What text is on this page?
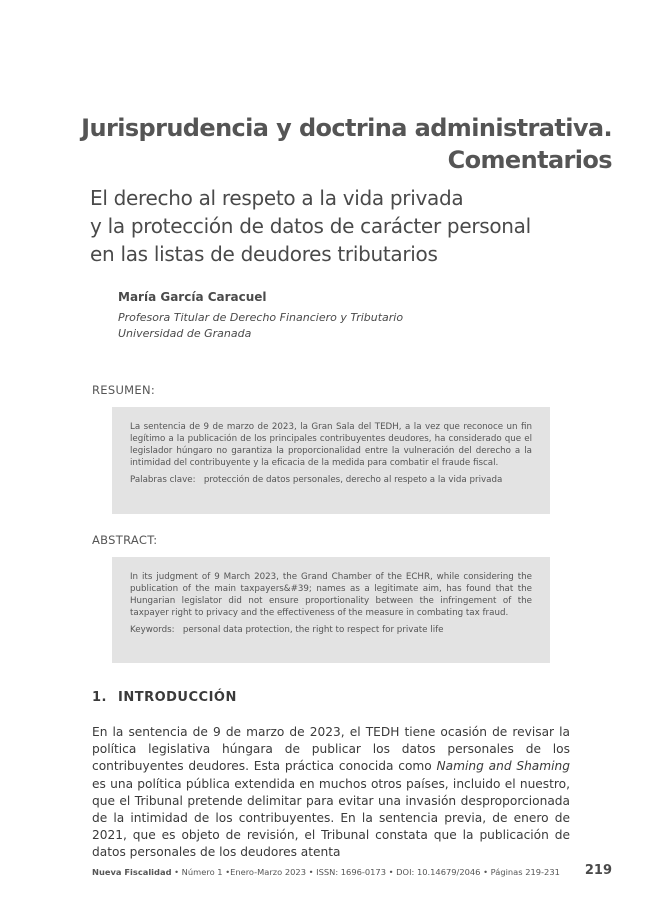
Jurisprudencia y doctrina administrativa.
Comentarios
El derecho al respeto a la vida privada
y la protección de datos de carácter personal
en las listas de deudores tributarios
María García Caracuel
Profesora Titular de Derecho Financiero y Tributario
Universidad de Granada
RESUMEN:

La sentencia de 9 de marzo de 2023, la Gran Sala del TEDH, a la vez que reconoce un fin legítimo a la publicación de los principales contribuyentes deudores, ha considerado que el legislador húngaro no garantiza la proporcionalidad entre la vulneración del derecho a la intimidad del contribuyente y la eficacia de la medida para combatir el fraude fiscal.

Palabras clave: protección de datos personales, derecho al respeto a la vida privada

ABSTRACT:

In its judgment of 9 March 2023, the Grand Chamber of the ECHR, while considering the publication of the main taxpayers&#39; names as a legitimate aim, has found that the Hungarian legislator did not ensure proportionality between the infringement of the taxpayer right to privacy and the effectiveness of the measure in combating tax fraud.

Keywords: personal data protection, the right to respect for private life

1. INTRODUCCIÓN

En la sentencia de 9 de marzo de 2023, el TEDH tiene ocasión de revisar la política legislativa húngara de publicar los datos personales de los contribuyentes deudores. Esta práctica conocida como Naming and Shaming es una política pública extendida en muchos otros países, incluido el nuestro, que el Tribunal pretende delimitar para evitar una invasión desproporcionada de la intimidad de los contribuyentes. En la sentencia previa, de enero de 2021, que es objeto de revisión, el Tribunal constata que la publicación de datos personales de los deudores atenta

Nueva Fiscalidad • Número 1 •Enero-Marzo 2023 • ISSN: 1696-0173 • DOI: 10.14679/2046 • Páginas 219-231 219
